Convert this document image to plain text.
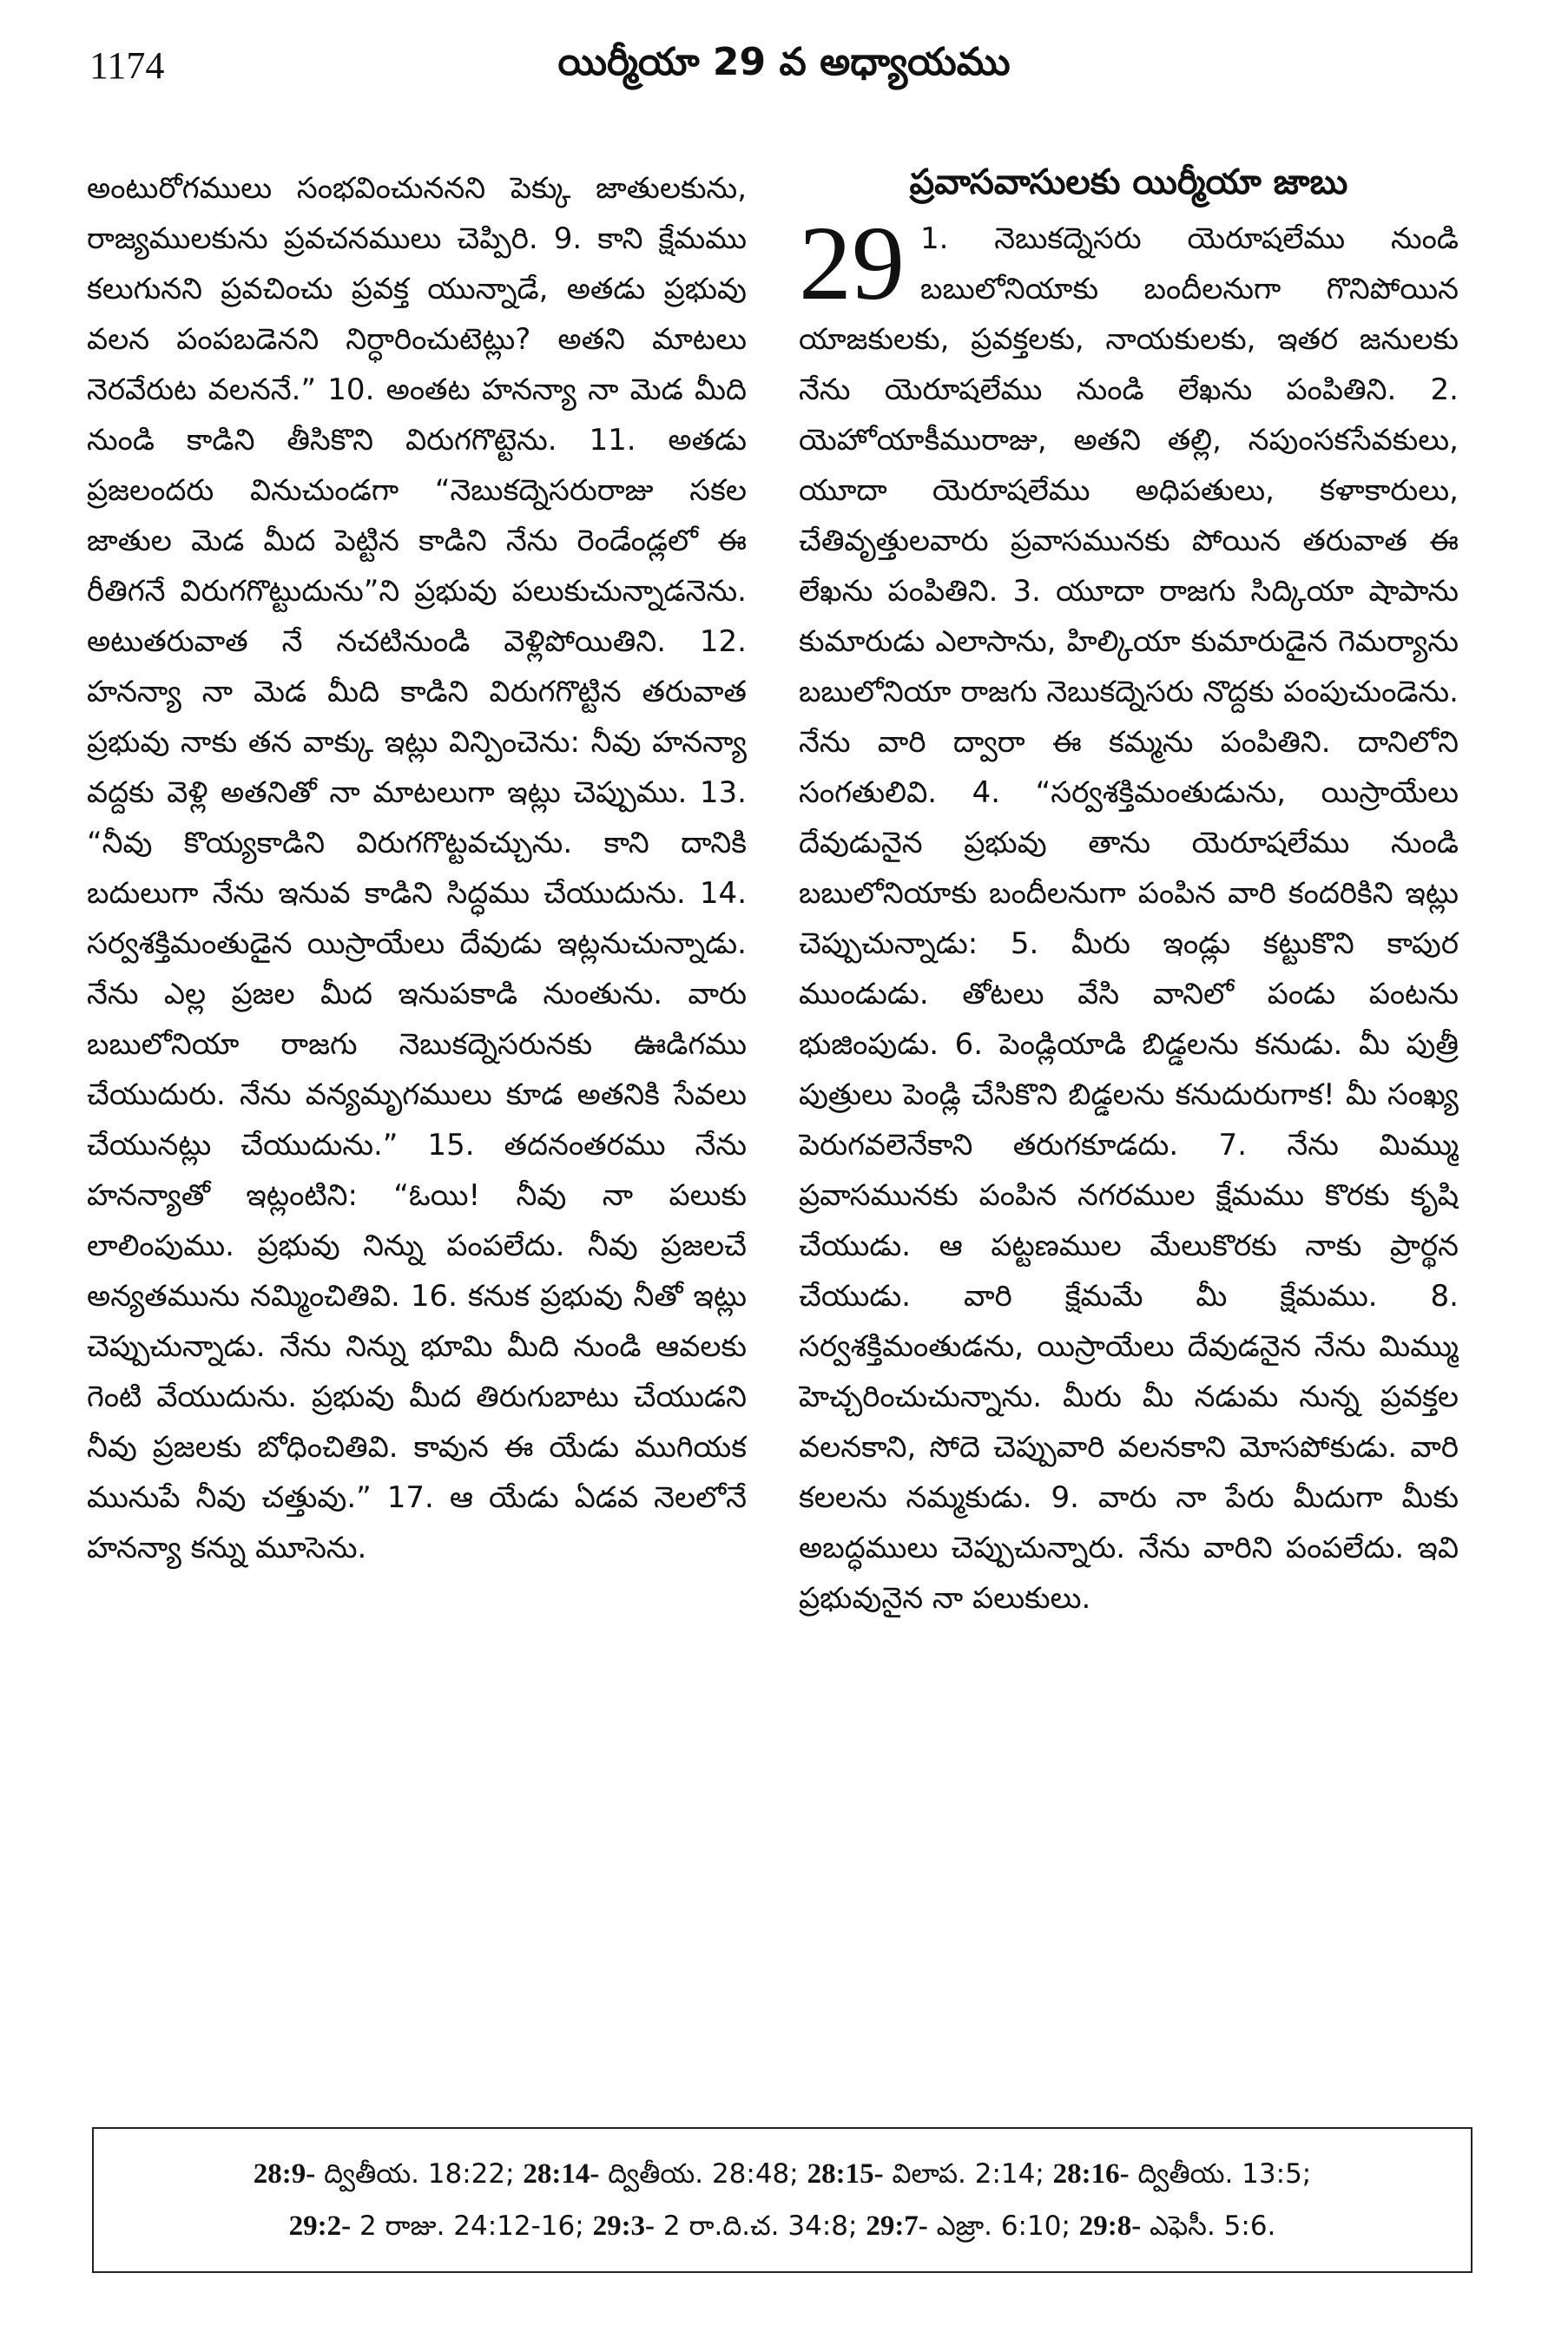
1174	యిర్మీయా 29 వ అధ్యాయము

అంటురోగములు సంభవించుననని పెక్కు జాతులకును, రాజ్యములకును ప్రవచనములు చెప్పిరి. 9. కాని క్షేమము కలుగునని ప్రవచించు ప్రవక్త యున్నాడే, అతడు ప్రభువు వలన పంపబడెనని నిర్ధారించుటెట్లు? అతని మాటలు నెరవేరుట వలననే.” 10. అంతట హనన్యా నా మెడ మీది నుండి కాడిని తీసికొని విరుగగొట్టెను. 11. అతడు ప్రజలందరు వినుచుండగా “నెబుకద్నెసరురాజు సకల జాతుల మెడ మీద పెట్టిన కాడిని నేను రెండేండ్లలో ఈ రీతిగనే విరుగగొట్టుదును”ని ప్రభువు పలుకుచున్నాడనెను. అటుతరువాత నే నచటినుండి వెళ్లిపోయితిని. 12. హనన్యా నా మెడ మీది కాడిని విరుగగొట్టిన తరువాత ప్రభువు నాకు తన వాక్కు ఇట్లు విన్పించెను: నీవు హనన్యా వద్దకు వెళ్లి అతనితో నా మాటలుగా ఇట్లు చెప్పుము. 13. “నీవు కొయ్యకాడిని విరుగగొట్టవచ్చును. కాని దానికి బదులుగా నేను ఇనువ కాడిని సిద్ధము చేయుదును. 14. సర్వశక్తిమంతుడైన యిస్రాయేలు దేవుడు ఇట్లనుచున్నాడు. నేను ఎల్ల ప్రజల మీద ఇనుపకాడి నుంతును. వారు బబులోనియా రాజగు నెబుకద్నెసరునకు ఊడిగము చేయుదురు. నేను వన్యమృగములు కూడ అతనికి సేవలు చేయునట్లు చేయుదును.” 15. తదనంతరము నేను హనన్యాతో ఇట్లంటిని: “ఓయి! నీవు నా పలుకు లాలింపుము. ప్రభువు నిన్ను పంపలేదు. నీవు ప్రజలచే అన్యతమును నమ్మించితివి. 16. కనుక ప్రభువు నీతో ఇట్లు చెప్పుచున్నాడు. నేను నిన్ను భూమి మీది నుండి ఆవలకు గెంటి వేయుదును. ప్రభువు మీద తిరుగుబాటు చేయుడని నీవు ప్రజలకు బోధించితివి. కావున ఈ యేడు ముగియక మునుపే నీవు చత్తువు.” 17. ఆ యేడు ఏడవ నెలలోనే హనన్యా కన్ను మూసెను.

ప్రవాసవాసులకు యిర్మీయా జాబు
29 1. నెబుకద్నెసరు యెరూషలేము నుండి బబులోనియాకు బందీలనుగా గొనిపోయిన యాజకులకు, ప్రవక్తలకు, నాయకులకు, ఇతర జనులకు నేను యెరూషలేము నుండి లేఖను పంపితిని. 2. యెహోయాకీమురాజు, అతని తల్లి, నపుంసకసేవకులు, యూదా యెరూషలేము అధిపతులు, కళాకారులు, చేతివృత్తులవారు ప్రవాసమునకు పోయిన తరువాత ఈ లేఖను పంపితిని. 3. యూదా రాజగు సిద్కియా షాపాను కుమారుడు ఎలాసాను, హిల్కియా కుమారుడైన గెమర్యాను బబులోనియా రాజగు నెబుకద్నెసరు నొద్దకు పంపుచుండెను. నేను వారి ద్వారా ఈ కమ్మను పంపితిని. దానిలోని సంగతులివి. 4. “సర్వశక్తిమంతుడును, యిస్రాయేలు దేవుడునైన ప్రభువు తాను యెరూషలేము నుండి బబులోనియాకు బందీలనుగా పంపిన వారి కందరికిని ఇట్లు చెప్పుచున్నాడు: 5. మీరు ఇండ్లు కట్టుకొని కాపుర ముండుడు. తోటలు వేసి వానిలో పండు పంటను భుజింపుడు. 6. పెండ్లియాడి బిడ్డలను కనుడు. మీ పుత్రీ పుత్రులు పెండ్లి చేసికొని బిడ్డలను కనుదురుగాక! మీ సంఖ్య పెరుగవలెనేకాని తరుగకూడదు. 7. నేను మిమ్ము ప్రవాసమునకు పంపిన నగరముల క్షేమము కొరకు కృషి చేయుడు. ఆ పట్టణముల మేలుకొరకు నాకు ప్రార్థన చేయుడు. వారి క్షేమమే మీ క్షేమము. 8. సర్వశక్తిమంతుడను, యిస్రాయేలు దేవుడనైన నేను మిమ్ము హెచ్చరించుచున్నాను. మీరు మీ నడుమ నున్న ప్రవక్తల వలనకాని, సోదె చెప్పువారి వలనకాని మోసపోకుడు. వారి కలలను నమ్మకుడు. 9. వారు నా పేరు మీదుగా మీకు అబద్ధములు చెప్పుచున్నారు. నేను వారిని పంపలేదు. ఇవి ప్రభువునైన నా పలుకులు.

28:9- ద్వితీయ. 18:22; 28:14- ద్వితీయ. 28:48; 28:15- విలాప. 2:14; 28:16- ద్వితీయ. 13:5;
29:2- 2 రాజు. 24:12-16; 29:3- 2 రా.ది.చ. 34:8; 29:7- ఎజ్రా. 6:10; 29:8- ఎఫెసీ. 5:6.
